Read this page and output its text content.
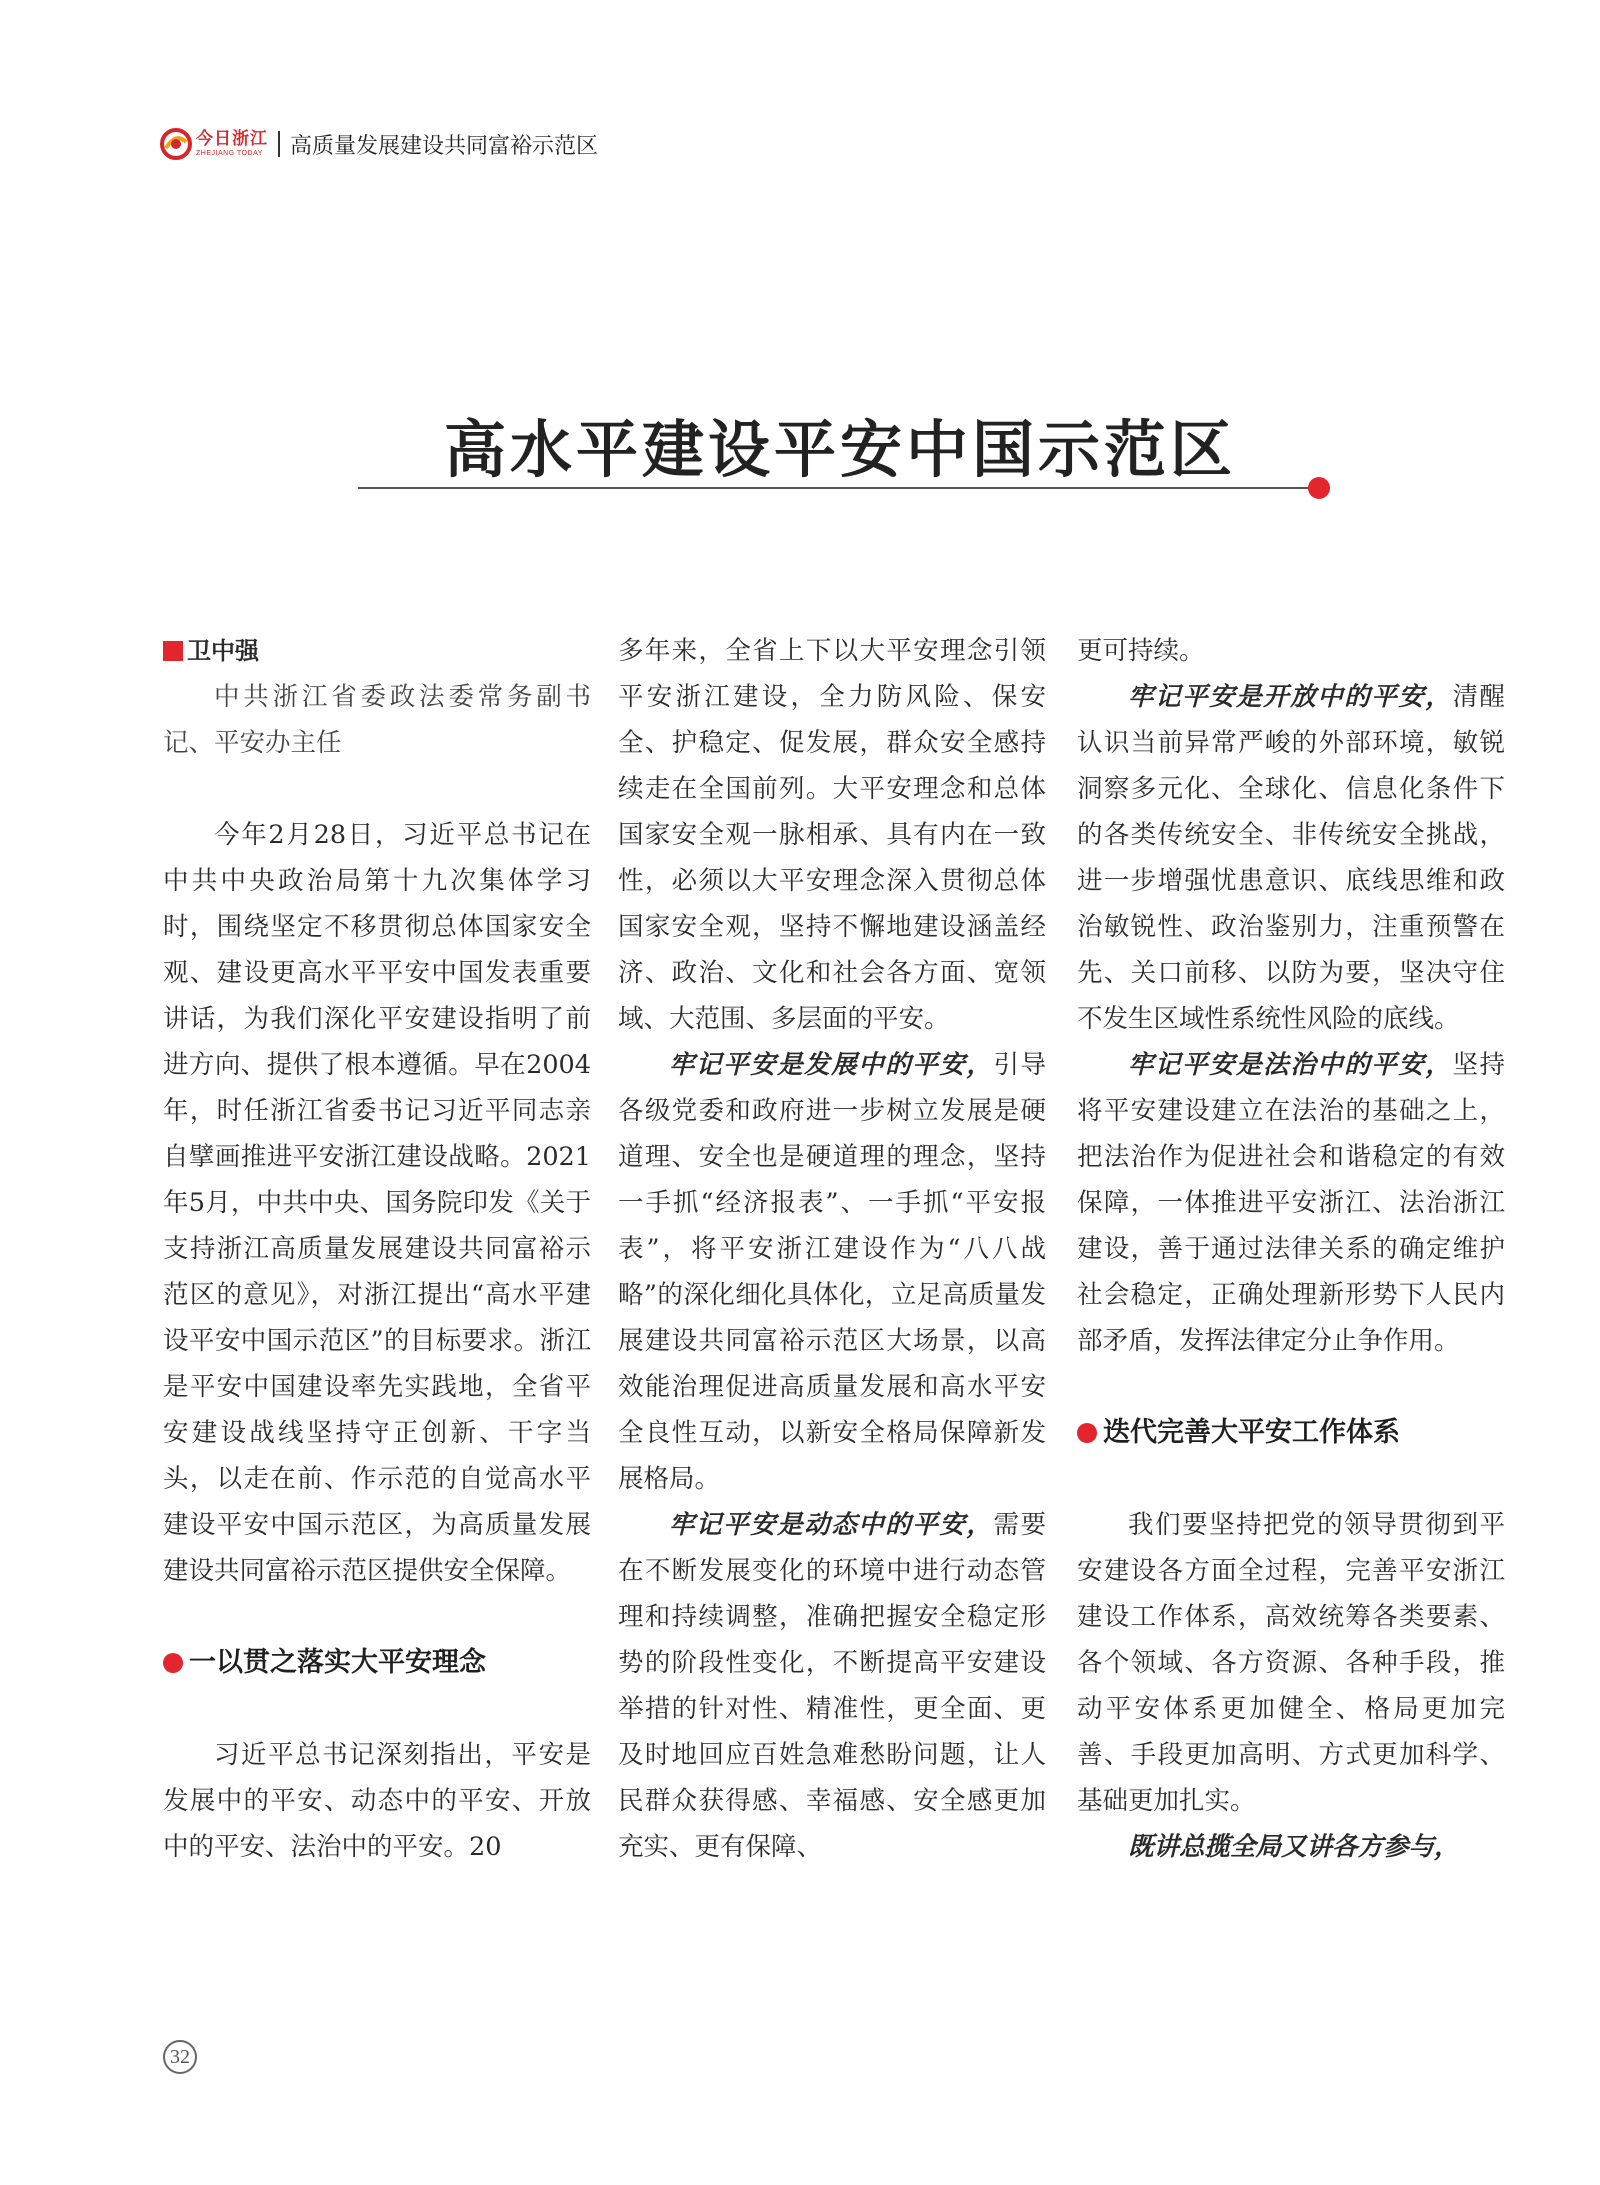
今日浙江
ZHEJIANG TODAY 高质量发展建设共同富裕示范区
高水平建设平安中国示范区
卫中强

中共浙江省委政法委常务副书记、平安办主任

今年2月28日，习近平总书记在中共中央政治局第十九次集体学习时，围绕坚定不移贯彻总体国家安全观、建设更高水平平安中国发表重要讲话，为我们深化平安建设指明了前进方向、提供了根本遵循。早在2004年，时任浙江省委书记习近平同志亲自擘画推进平安浙江建设战略。2021年5月，中共中央、国务院印发《关于支持浙江高质量发展建设共同富裕示范区的意见》，对浙江提出“高水平建设平安中国示范区”的目标要求。浙江是平安中国建设率先实践地，全省平安建设战线坚持守正创新、干字当头，以走在前、作示范的自觉高水平建设平安中国示范区，为高质量发展建设共同富裕示范区提供安全保障。

一以贯之落实大平安理念

习近平总书记深刻指出，平安是发展中的平安、动态中的平安、开放中的平安、法治中的平安。20

多年来，全省上下以大平安理念引领平安浙江建设，全力防风险、保安全、护稳定、促发展，群众安全感持续走在全国前列。大平安理念和总体国家安全观一脉相承、具有内在一致性，必须以大平安理念深入贯彻总体国家安全观，坚持不懈地建设涵盖经济、政治、文化和社会各方面、宽领域、大范围、多层面的平安。

牢记平安是发展中的平安，引导各级党委和政府进一步树立发展是硬道理、安全也是硬道理的理念，坚持一手抓“经济报表”、一手抓“平安报表”，将平安浙江建设作为“八八战略”的深化细化具体化，立足高质量发展建设共同富裕示范区大场景，以高效能治理促进高质量发展和高水平安全良性互动，以新安全格局保障新发展格局。

牢记平安是动态中的平安，需要在不断发展变化的环境中进行动态管理和持续调整，准确把握安全稳定形势的阶段性变化，不断提高平安建设举措的针对性、精准性，更全面、更及时地回应百姓急难愁盼问题，让人民群众获得感、幸福感、安全感更加充实、更有保障、

更可持续。

牢记平安是开放中的平安，清醒认识当前异常严峻的外部环境，敏锐洞察多元化、全球化、信息化条件下的各类传统安全、非传统安全挑战，进一步增强忧患意识、底线思维和政治敏锐性、政治鉴别力，注重预警在先、关口前移、以防为要，坚决守住不发生区域性系统性风险的底线。

牢记平安是法治中的平安，坚持将平安建设建立在法治的基础之上，把法治作为促进社会和谐稳定的有效保障，一体推进平安浙江、法治浙江建设，善于通过法律关系的确定维护社会稳定，正确处理新形势下人民内部矛盾，发挥法律定分止争作用。

迭代完善大平安工作体系

我们要坚持把党的领导贯彻到平安建设各方面全过程，完善平安浙江建设工作体系，高效统筹各类要素、各个领域、各方资源、各种手段，推动平安体系更加健全、格局更加完善、手段更加高明、方式更加科学、基础更加扎实。

既讲总揽全局又讲各方参与，

32
